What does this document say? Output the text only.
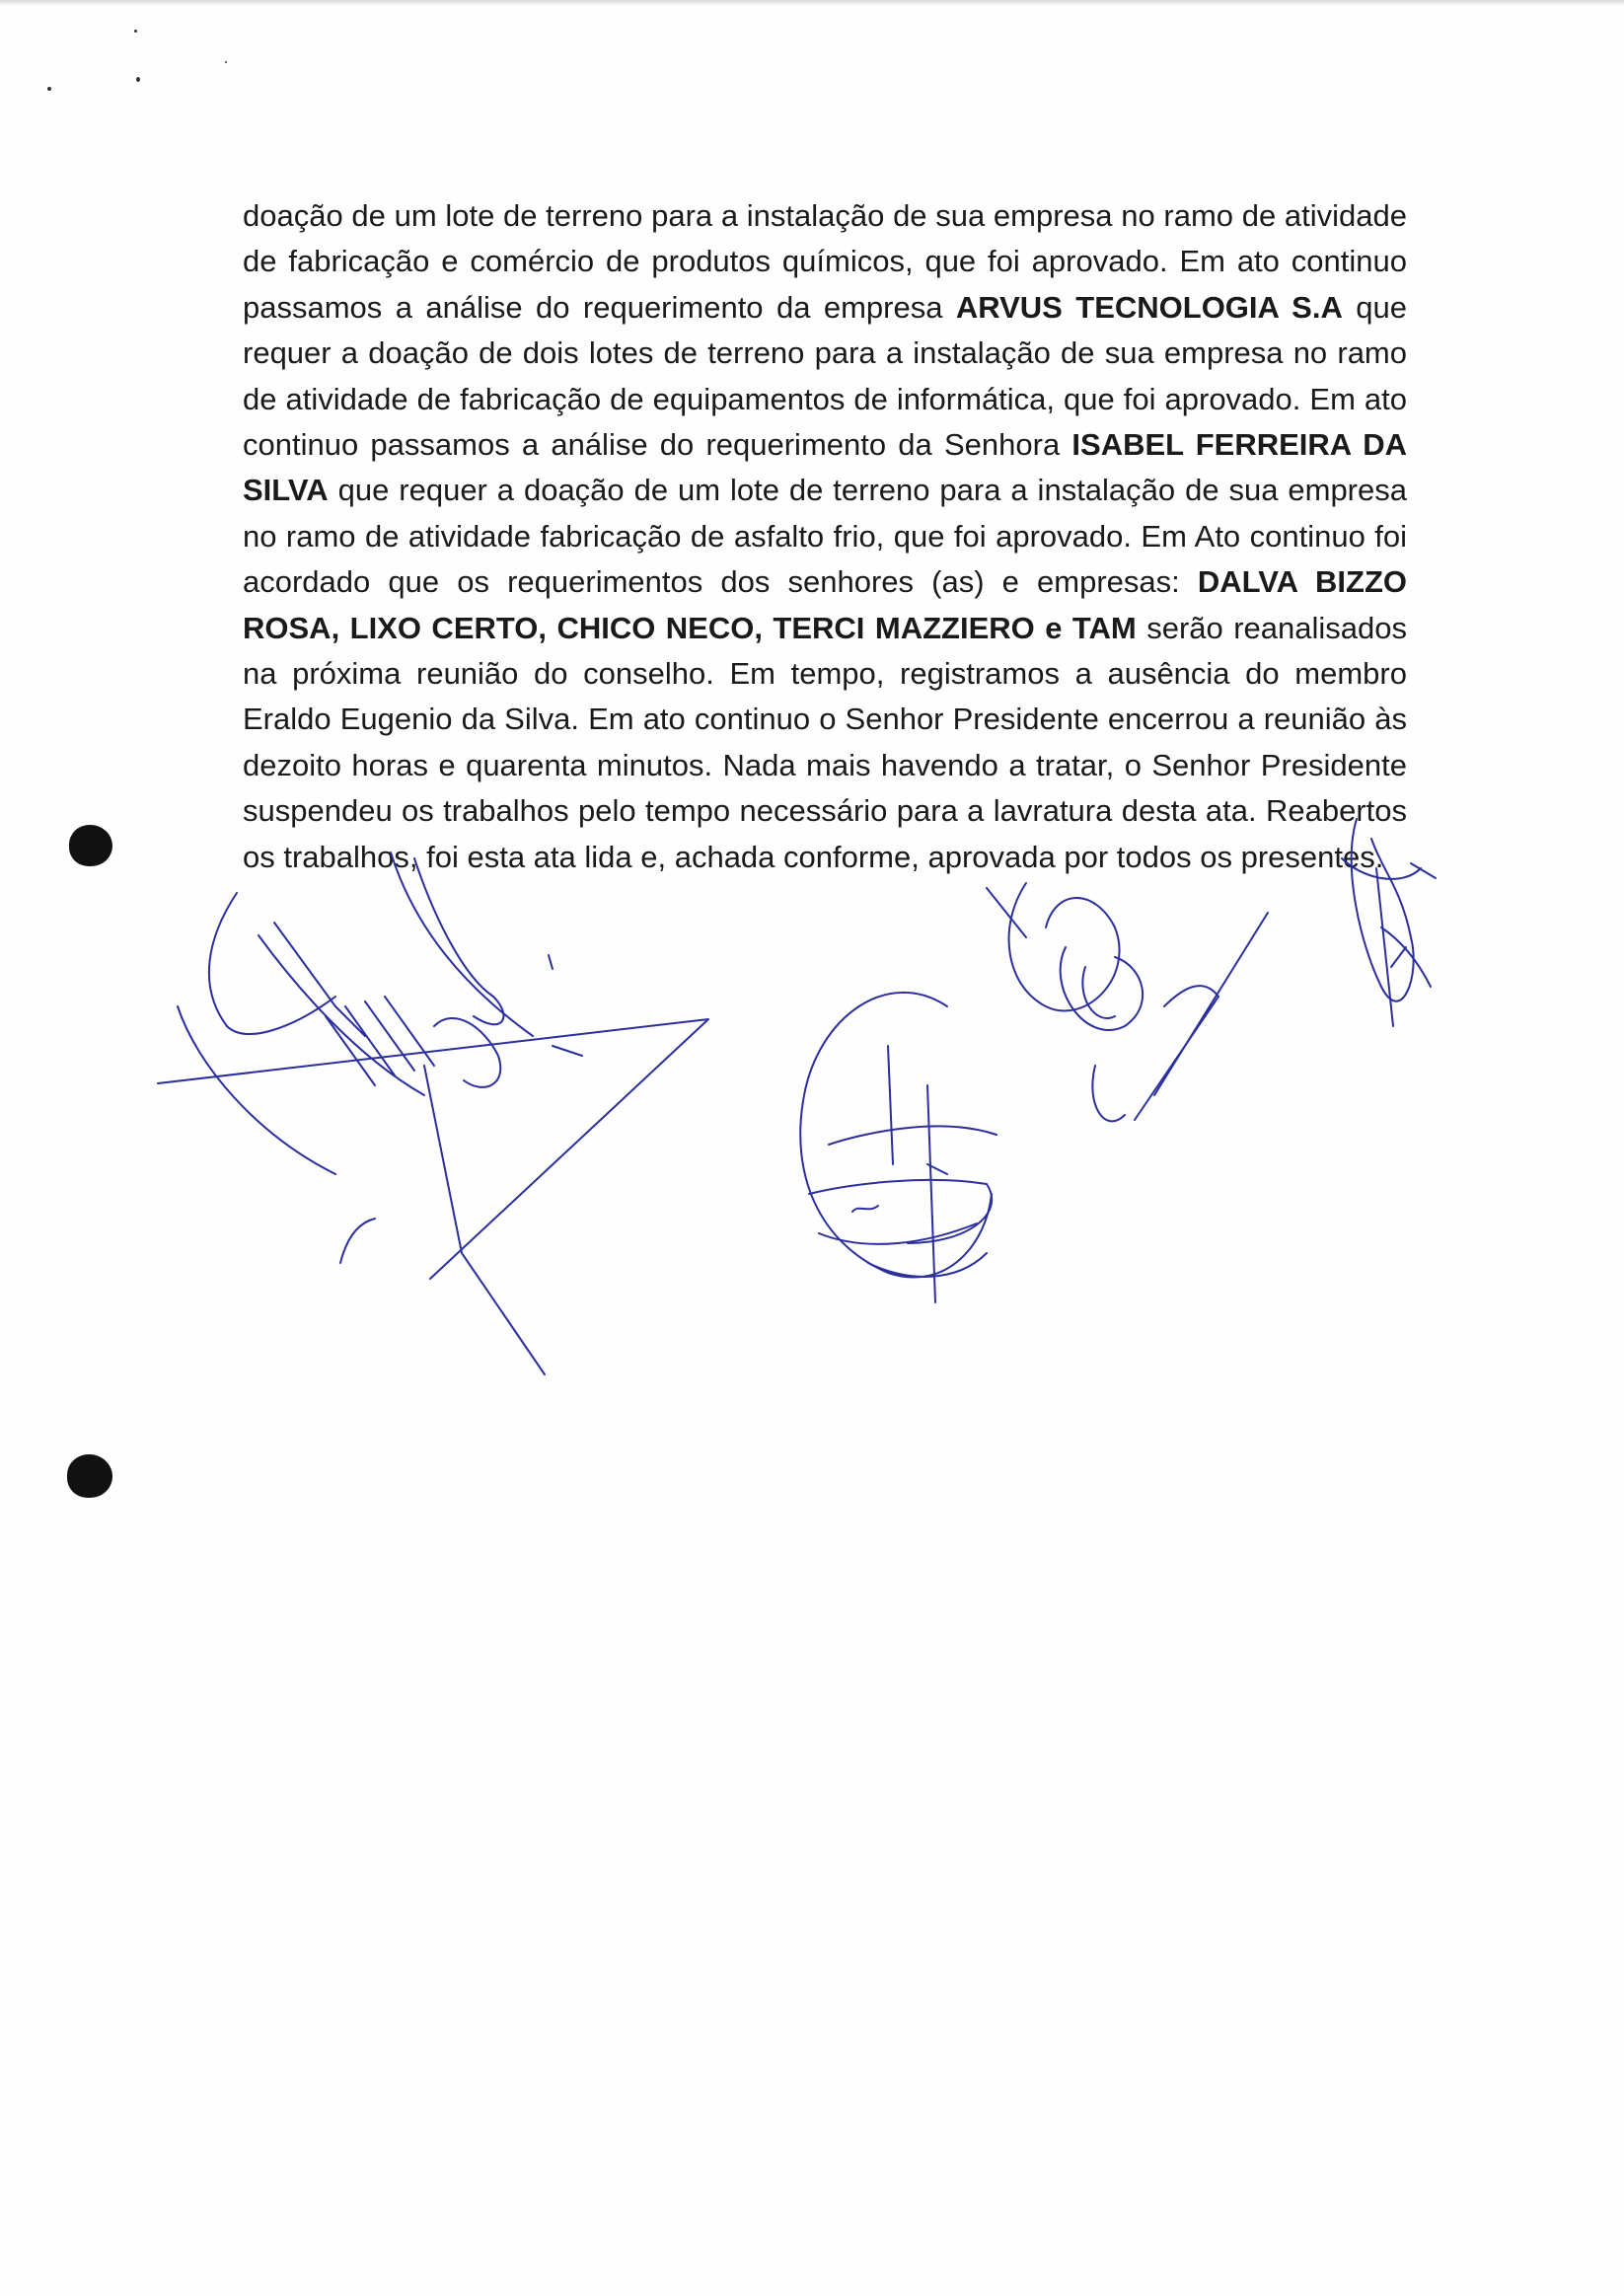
doação de um lote de terreno para a instalação de sua empresa no ramo de atividade de fabricação e comércio de produtos químicos, que foi aprovado. Em ato continuo passamos a análise do requerimento da empresa ARVUS TECNOLOGIA S.A que requer a doação de dois lotes de terreno para a instalação de sua empresa no ramo de atividade de fabricação de equipamentos de informática, que foi aprovado. Em ato continuo passamos a análise do requerimento da Senhora ISABEL FERREIRA DA SILVA que requer a doação de um lote de terreno para a instalação de sua empresa no ramo de atividade fabricação de asfalto frio, que foi aprovado. Em Ato continuo foi acordado que os requerimentos dos senhores (as) e empresas: DALVA BIZZO ROSA, LIXO CERTO, CHICO NECO, TERCI MAZZIERO e TAM serão reanalisados na próxima reunião do conselho. Em tempo, registramos a ausência do membro Eraldo Eugenio da Silva. Em ato continuo o Senhor Presidente encerrou a reunião às dezoito horas e quarenta minutos. Nada mais havendo a tratar, o Senhor Presidente suspendeu os trabalhos pelo tempo necessário para a lavratura desta ata. Reabertos os trabalhos, foi esta ata lida e, achada conforme, aprovada por todos os presentes.
